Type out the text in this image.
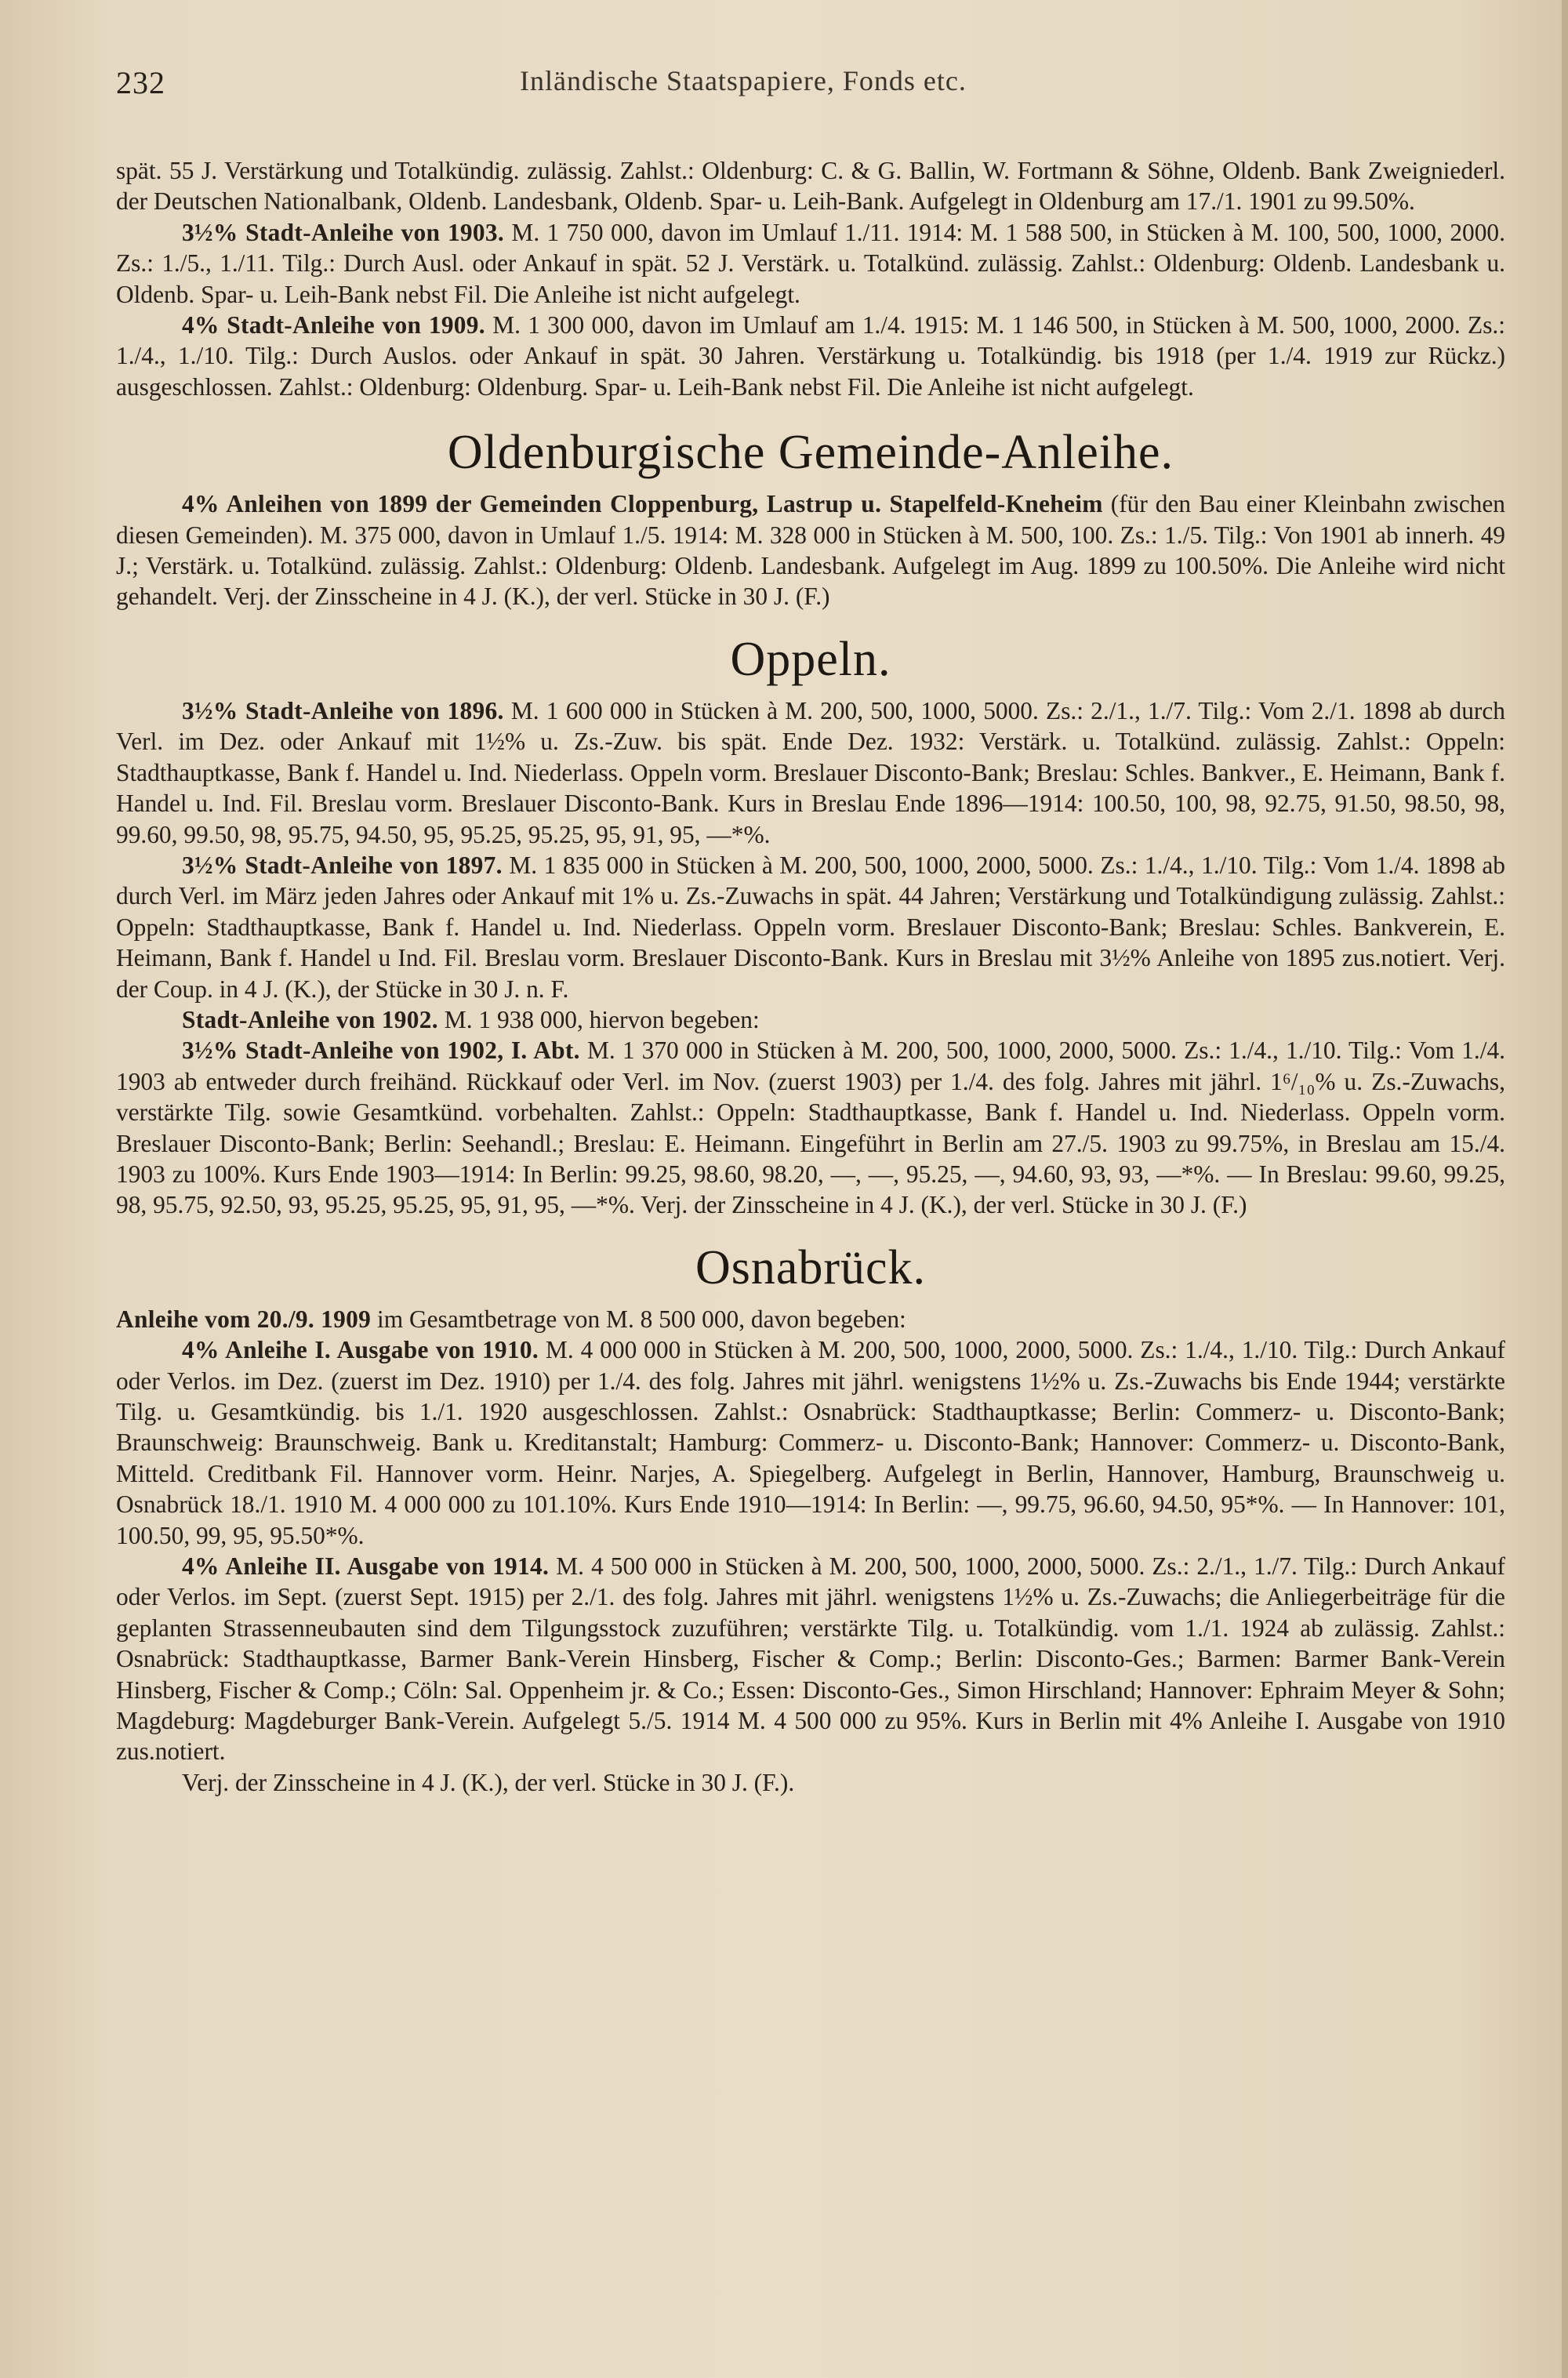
232	Inländische Staatspapiere, Fonds etc.

spät. 55 J. Verstärkung und Totalkündig. zulässig. Zahlst.: Oldenburg: C. & G. Ballin, W. Fortmann & Söhne, Oldenb. Bank Zweigniederl. der Deutschen Nationalbank, Oldenb. Landesbank, Oldenb. Spar- u. Leih-Bank. Aufgelegt in Oldenburg am 17./1. 1901 zu 99.50%.

3½% Stadt-Anleihe von 1903. M. 1 750 000, davon im Umlauf 1./11. 1914: M. 1 588 500, in Stücken à M. 100, 500, 1000, 2000. Zs.: 1./5., 1./11. Tilg.: Durch Ausl. oder Ankauf in spät. 52 J. Verstärk. u. Totalkünd. zulässig. Zahlst.: Oldenburg: Oldenb. Landesbank u. Oldenb. Spar- u. Leih-Bank nebst Fil. Die Anleihe ist nicht aufgelegt.

4% Stadt-Anleihe von 1909. M. 1 300 000, davon im Umlauf am 1./4. 1915: M. 1 146 500, in Stücken à M. 500, 1000, 2000. Zs.: 1./4., 1./10. Tilg.: Durch Auslos. oder Ankauf in spät. 30 Jahren. Verstärkung u. Totalkündig. bis 1918 (per 1./4. 1919 zur Rückz.) ausgeschlossen. Zahlst.: Oldenburg: Oldenburg. Spar- u. Leih-Bank nebst Fil. Die Anleihe ist nicht aufgelegt.

Oldenburgische Gemeinde-Anleihe.

4% Anleihen von 1899 der Gemeinden Cloppenburg, Lastrup u. Stapelfeld-Kneheim (für den Bau einer Kleinbahn zwischen diesen Gemeinden). M. 375 000, davon in Umlauf 1./5. 1914: M. 328 000 in Stücken à M. 500, 100. Zs.: 1./5. Tilg.: Von 1901 ab innerh. 49 J.; Verstärk. u. Totalkünd. zulässig. Zahlst.: Oldenburg: Oldenb. Landesbank. Aufgelegt im Aug. 1899 zu 100.50%. Die Anleihe wird nicht gehandelt. Verj. der Zinsscheine in 4 J. (K.), der verl. Stücke in 30 J. (F.)

Oppeln.

3½% Stadt-Anleihe von 1896. M. 1 600 000 in Stücken à M. 200, 500, 1000, 5000. Zs.: 2./1., 1./7. Tilg.: Vom 2./1. 1898 ab durch Verl. im Dez. oder Ankauf mit 1½% u. Zs.-Zuw. bis spät. Ende Dez. 1932: Verstärk. u. Totalkünd. zulässig. Zahlst.: Oppeln: Stadthauptkasse, Bank f. Handel u. Ind. Niederlass. Oppeln vorm. Breslauer Disconto-Bank; Breslau: Schles. Bankver., E. Heimann, Bank f. Handel u. Ind. Fil. Breslau vorm. Breslauer Disconto-Bank. Kurs in Breslau Ende 1896—1914: 100.50, 100, 98, 92.75, 91.50, 98.50, 98, 99.60, 99.50, 98, 95.75, 94.50, 95, 95.25, 95.25, 95, 91, 95, —*%.

3½% Stadt-Anleihe von 1897. M. 1 835 000 in Stücken à M. 200, 500, 1000, 2000, 5000. Zs.: 1./4., 1./10. Tilg.: Vom 1./4. 1898 ab durch Verl. im März jeden Jahres oder Ankauf mit 1% u. Zs.-Zuwachs in spät. 44 Jahren; Verstärkung und Totalkündigung zulässig. Zahlst.: Oppeln: Stadthauptkasse, Bank f. Handel u. Ind. Niederlass. Oppeln vorm. Breslauer Disconto-Bank; Breslau: Schles. Bankverein, E. Heimann, Bank f. Handel u Ind. Fil. Breslau vorm. Breslauer Disconto-Bank. Kurs in Breslau mit 3½% Anleihe von 1895 zus.notiert. Verj. der Coup. in 4 J. (K.), der Stücke in 30 J. n. F.

Stadt-Anleihe von 1902. M. 1 938 000, hiervon begeben:

3½% Stadt-Anleihe von 1902, I. Abt. M. 1 370 000 in Stücken à M. 200, 500, 1000, 2000, 5000. Zs.: 1./4., 1./10. Tilg.: Vom 1./4. 1903 ab entweder durch freihänd. Rückkauf oder Verl. im Nov. (zuerst 1903) per 1./4. des folg. Jahres mit jährl. 1⁶/₁₀% u. Zs.-Zuwachs, verstärkte Tilg. sowie Gesamtkünd. vorbehalten. Zahlst.: Oppeln: Stadthauptkasse, Bank f. Handel u. Ind. Niederlass. Oppeln vorm. Breslauer Disconto-Bank; Berlin: Seehandl.; Breslau: E. Heimann. Eingeführt in Berlin am 27./5. 1903 zu 99.75%, in Breslau am 15./4. 1903 zu 100%. Kurs Ende 1903—1914: In Berlin: 99.25, 98.60, 98.20, —, —, 95.25, —, 94.60, 93, 93, —*%. — In Breslau: 99.60, 99.25, 98, 95.75, 92.50, 93, 95.25, 95.25, 95, 91, 95, —*%. Verj. der Zinsscheine in 4 J. (K.), der verl. Stücke in 30 J. (F.)

Osnabrück.

Anleihe vom 20./9. 1909 im Gesamtbetrage von M. 8 500 000, davon begeben:

4% Anleihe I. Ausgabe von 1910. M. 4 000 000 in Stücken à M. 200, 500, 1000, 2000, 5000. Zs.: 1./4., 1./10. Tilg.: Durch Ankauf oder Verlos. im Dez. (zuerst im Dez. 1910) per 1./4. des folg. Jahres mit jährl. wenigstens 1½% u. Zs.-Zuwachs bis Ende 1944; verstärkte Tilg. u. Gesamtkündig. bis 1./1. 1920 ausgeschlossen. Zahlst.: Osnabrück: Stadthauptkasse; Berlin: Commerz- u. Disconto-Bank; Braunschweig: Braunschweig. Bank u. Kreditanstalt; Hamburg: Commerz- u. Disconto-Bank; Hannover: Commerz- u. Disconto-Bank, Mitteld. Creditbank Fil. Hannover vorm. Heinr. Narjes, A. Spiegelberg. Aufgelegt in Berlin, Hannover, Hamburg, Braunschweig u. Osnabrück 18./1. 1910 M. 4 000 000 zu 101.10%. Kurs Ende 1910—1914: In Berlin: —, 99.75, 96.60, 94.50, 95*%. — In Hannover: 101, 100.50, 99, 95, 95.50*%.

4% Anleihe II. Ausgabe von 1914. M. 4 500 000 in Stücken à M. 200, 500, 1000, 2000, 5000. Zs.: 2./1., 1./7. Tilg.: Durch Ankauf oder Verlos. im Sept. (zuerst Sept. 1915) per 2./1. des folg. Jahres mit jährl. wenigstens 1½% u. Zs.-Zuwachs; die Anliegerbeiträge für die geplanten Strassenneubauten sind dem Tilgungsstock zuzuführen; verstärkte Tilg. u. Totalkündig. vom 1./1. 1924 ab zulässig. Zahlst.: Osnabrück: Stadthauptkasse, Barmer Bank-Verein Hinsberg, Fischer & Comp.; Berlin: Disconto-Ges.; Barmen: Barmer Bank-Verein Hinsberg, Fischer & Comp.; Cöln: Sal. Oppenheim jr. & Co.; Essen: Disconto-Ges., Simon Hirschland; Hannover: Ephraim Meyer & Sohn; Magdeburg: Magdeburger Bank-Verein. Aufgelegt 5./5. 1914 M. 4 500 000 zu 95%. Kurs in Berlin mit 4% Anleihe I. Ausgabe von 1910 zus.notiert.

Verj. der Zinsscheine in 4 J. (K.), der verl. Stücke in 30 J. (F.).
